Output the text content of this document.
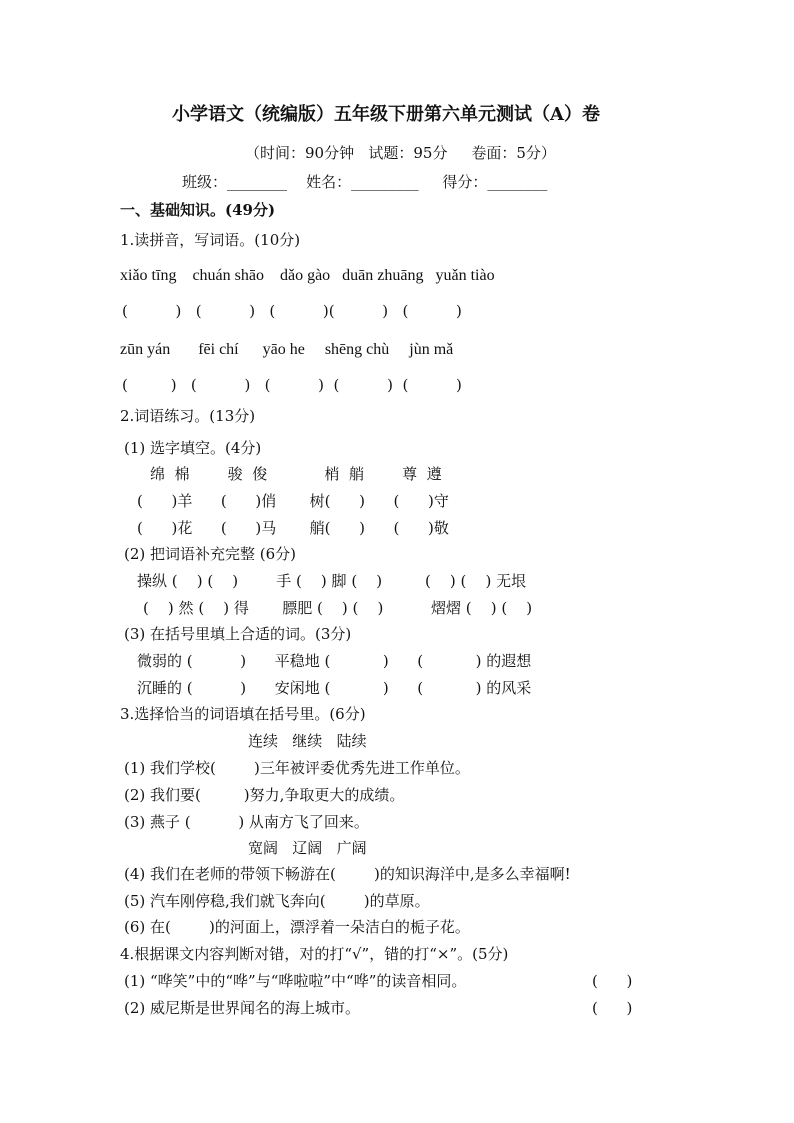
小学语文（统编版）五年级下册第六单元测试（A）卷
（时间：90分钟   试题：95分     卷面：5分）
班级：________    姓名：_________     得分：________
一、基础知识。(49分)
1.读拼音，写词语。(10分)
xiǎo tīng    chuán shāo    dǎo gào   duān zhuāng   yuǎn tiào
(          )   (          )   (          )(          )   (          )
zūn yán       fēi chí      yāo he     shēng chù     jùn mǎ
(         )   (          )   (          )  (          )  (          )
2.词语练习。(13分)
(1) 选字填空。(4分)
绵  棉        骏  俊            梢  艄        尊  遵
(      )羊      (      )俏       树(      )      (      )守
(      )花      (      )马       艄(      )      (      )敬
(2) 把词语补充完整 (6分)
操纵 (    ) (    )        手 (    ) 脚 (    )         (    ) (    ) 无垠
(    ) 然 (    ) 得       膘肥 (    ) (    )          熠熠 (    ) (    )
(3) 在括号里填上合适的词。(3分)
微弱的 (          )      平稳地 (           )      (           ) 的遐想
沉睡的 (          )      安闲地 (           )      (           ) 的风采
3.选择恰当的词语填在括号里。(6分)
连续   继续   陆续
(1) 我们学校(        )三年被评委优秀先进工作单位。
(2) 我们要(         )努力,争取更大的成绩。
(3) 燕子 (          ) 从南方飞了回来。
宽阔   辽阔   广阔
(4) 我们在老师的带领下畅游在(        )的知识海洋中,是多么幸福啊!
(5) 汽车刚停稳,我们就飞奔向(        )的草原。
(6) 在(        )的河面上，漂浮着一朵洁白的栀子花。
4.根据课文内容判断对错，对的打“√”，错的打“×”。(5分)
(1) “哗笑”中的“哗”与“哗啦啦”中“哗”的读音相同。	(      )
(2) 威尼斯是世界闻名的海上城市。	(      )
